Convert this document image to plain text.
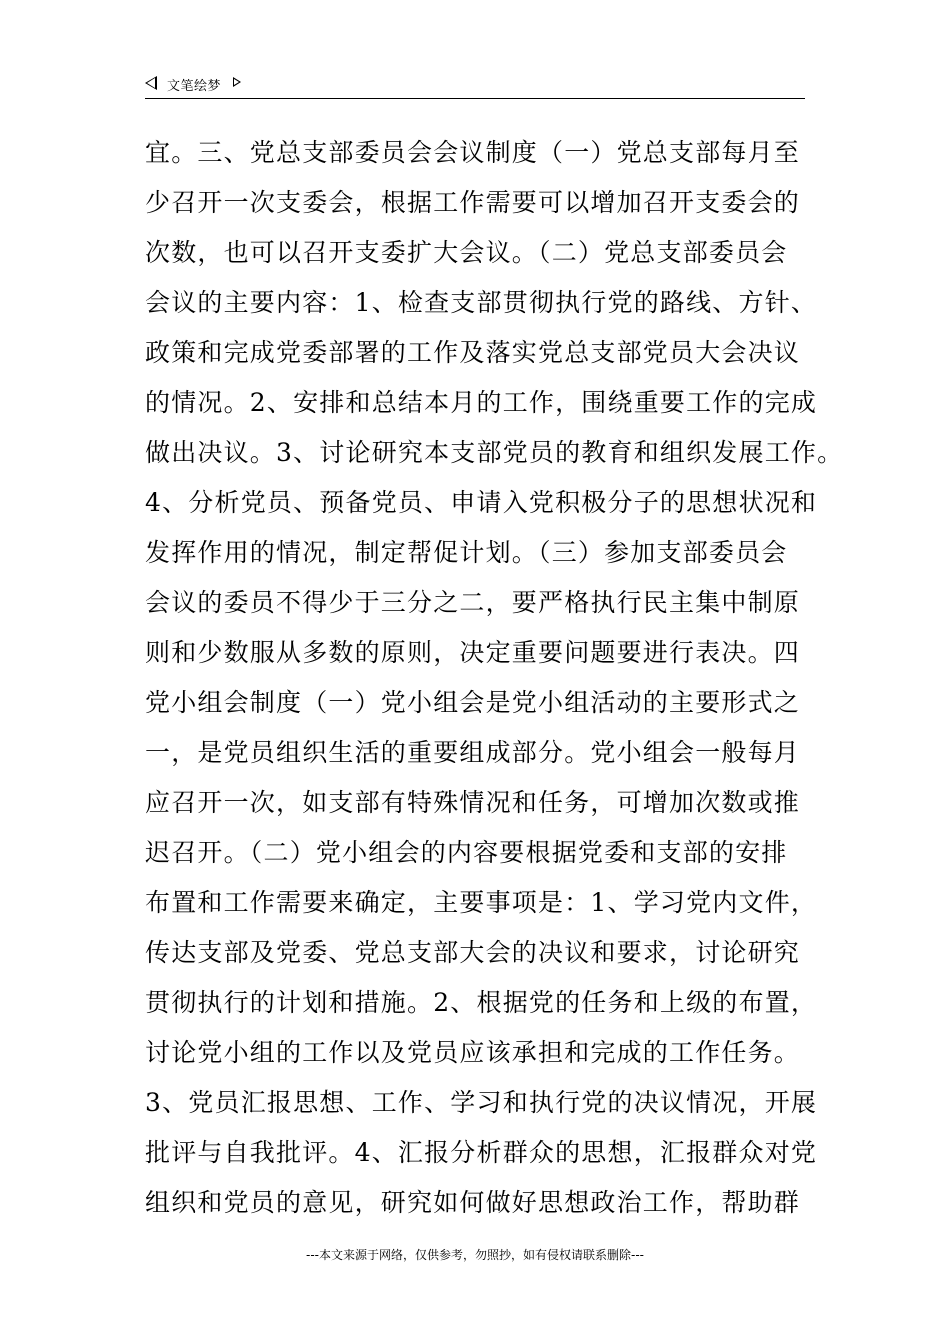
文笔绘梦
宜。三、党总支部委员会会议制度（一）党总支部每月至
少召开一次支委会，根据工作需要可以增加召开支委会的
次数，也可以召开支委扩大会议。（二）党总支部委员会
会议的主要内容：1、检查支部贯彻执行党的路线、方针、
政策和完成党委部署的工作及落实党总支部党员大会决议
的情况。2、安排和总结本月的工作，围绕重要工作的完成
做出决议。3、讨论研究本支部党员的教育和组织发展工作。
4、分析党员、预备党员、申请入党积极分子的思想状况和
发挥作用的情况，制定帮促计划。（三）参加支部委员会
会议的委员不得少于三分之二，要严格执行民主集中制原
则和少数服从多数的原则，决定重要问题要进行表决。四
党小组会制度（一）党小组会是党小组活动的主要形式之
一，是党员组织生活的重要组成部分。党小组会一般每月
应召开一次，如支部有特殊情况和任务，可增加次数或推
迟召开。（二）党小组会的内容要根据党委和支部的安排
布置和工作需要来确定，主要事项是：1、学习党内文件，
传达支部及党委、党总支部大会的决议和要求，讨论研究
贯彻执行的计划和措施。2、根据党的任务和上级的布置，
讨论党小组的工作以及党员应该承担和完成的工作任务。
3、党员汇报思想、工作、学习和执行党的决议情况，开展
批评与自我批评。4、汇报分析群众的思想，汇报群众对党
组织和党员的意见，研究如何做好思想政治工作，帮助群
---本文来源于网络，仅供参考，勿照抄，如有侵权请联系删除---
